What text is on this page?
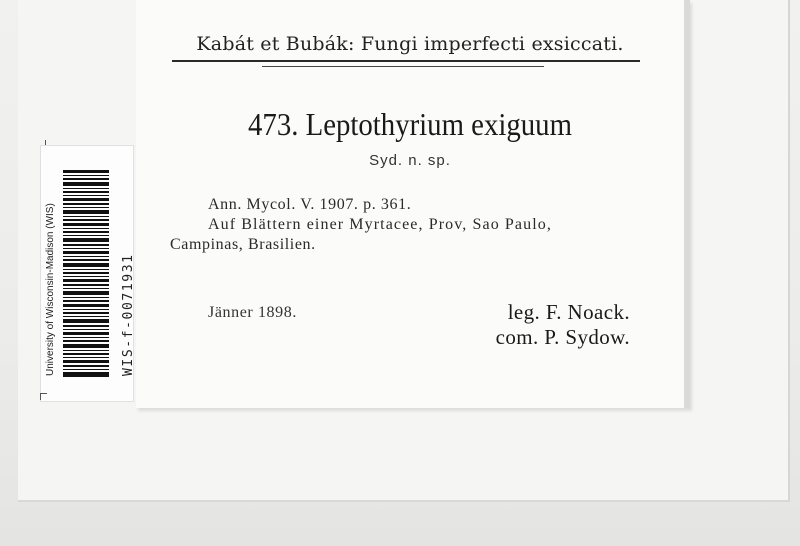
Kabát et Bubák: Fungi imperfecti exsiccati.
473. Leptothyrium exiguum
Syd. n. sp.
Ann. Mycol. V. 1907. p. 361.
Auf Blättern einer Myrtacee, Prov, Sao Paulo,
Campinas, Brasilien.
Jänner 1898.	leg. F. Noack.
com. P. Sydow.
University of Wisconsin-Madison (WIS)	WIS-f-0071931
